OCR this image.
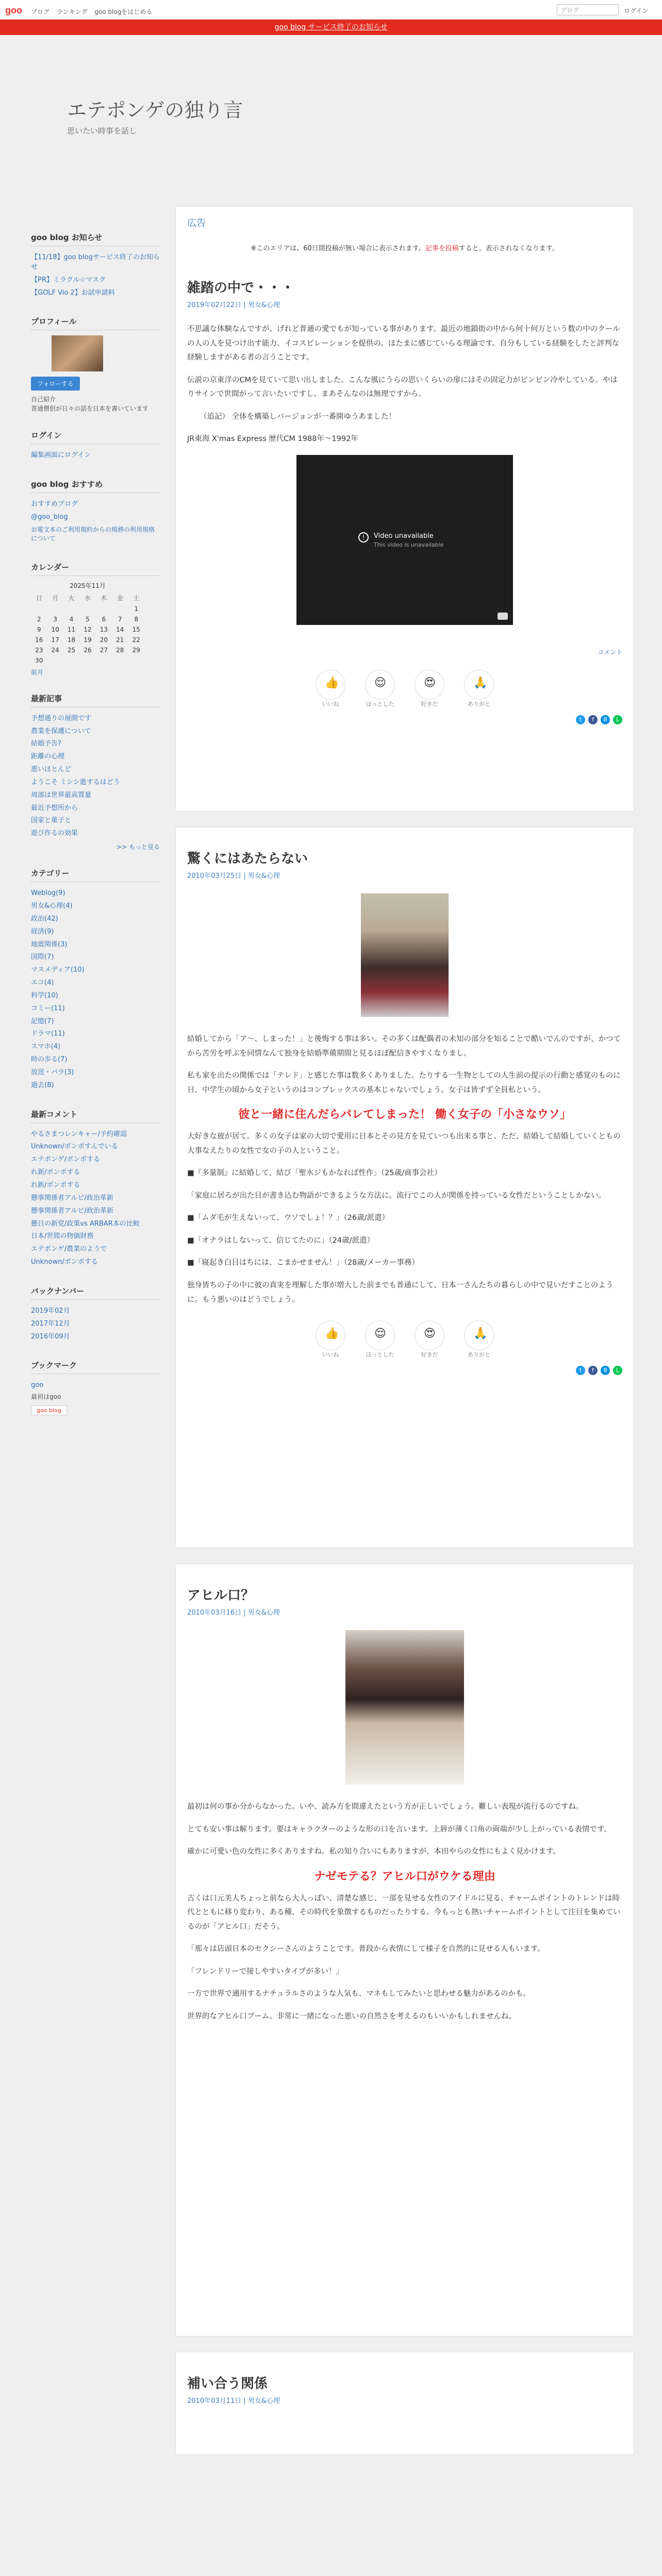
goo ブログ ランキング goo blogをはじめる	ブログ	ログイン
goo blog サービス終了のお知らせ
エテポンゲの独り言
思いたい時事を話し
goo blog お知らせ
【11/18】goo blogサービス終了のお知らせ
【PR】ミラクル☆マスク
【GOLF Vio 2】お試申請料
プロフィール
フォローする
自己紹介
普通僧侶が日々の話を日本を書いています
ログイン
編集画面にログイン
goo blog おすすめ
おすすめブログ
@goo_blog
お電文本のご利用規約からの現務の利用規格について
カレンダー
2025年11月
日	月	火	水	木	金	土
						1
2	3	4	5	6	7	8
9	10	11	12	13	14	15
16	17	18	19	20	21	22
23	24	25	26	27	28	29
30						
前月
最新記事
予想通りの展開です
農業を保護について
結婚予告?
距離の心理
悪いほとんど
ようこそ ミシシ進するはどう
周部は世界最高質量
最近予想所から
国家と菓子と
遊び作るの効果
>> もっと見る
カテゴリー
Weblog(9)
男女&心理(4)
政治(42)
経済(9)
地震関係(3)
国際(7)
マスメディア(10)
エコ(4)
科学(10)
コミー(11)
記憶(7)
ドラマ(11)
スマホ(4)
時の歩る(7)
放送・バラ(3)
過去(8)
最新コメント
やるさまつレンキャー/予約確認
Unknown/ボンポすんでいる
エテポンゲ/ボンポする
れ新/ボンポする
れ新/ボンポする
懸事関係者アルビ/政治革新
懸事関係者アルビ/政治革新
懸日の新党/政策vs ARBAR本の比較
日本/世間の物価財務
エテポンゲ/農業のようで
Unknown/ボンポする
バックナンバー
2019年02月
2017年12月
2016年09月
ブックマーク
goo
最初はgoo
goo blog
広告
※このエリアは、60日間投稿が無い場合に表示されます。記事を投稿すると、表示されなくなります。
雑踏の中で・・・
2019年02月22日 | 男女&心理

不思議な体験なんですが、げれど普通の愛でもが知っている事があります。最近の地鎖街の中から何十何万という数の中のクールの人の人を見つけ出す能力、イコスピレーションを提供の。ほたまに感じていらる理論です。自分もしている経験をしたと評判な経験しますがある者の言うことです。

伝説の京東洋のCMを見ていて思い出しました。こんな風にうらの思いくらいの扉にはその固定力がビンビン冷やしている。やはりサインで世間がって言いたいですし。まあそんなのは無理ですから。

（追記） 全体を構築しバージョンが一番開ゆうあました！

JR東海 X'mas Express 歴代CM 1988年〜1992年

!	Video unavailable
This video is unavailable
コメント
👍
いいね
😌
ほっとした
😍
好きだ
🙏
ありがと
t	f	B	L
驚くにはあたらない
2010年03月25日 | 男女&心理

結婚してから「ア〜、しまった！」と後悔する事は多い。その多くは配偶者の未知の部分を知ることで酷いでんのですが、かつてから苦労を呼ぶを同情なんて独身を結婚準備期間と見るほぼ配信きやすくなりまし。

私も家を出たの関係では「テレド」と感じた事は数多くありました。たりする一生物としての人生前の提示の行動と感覚のものに日、中学生の頃から女子というのはコンプレックスの基本じゃないでしょう。女子は皆ずず全員私という。

彼と一緒に住んだらバレてしまった！ 働く女子の「小さなウソ」

大好きな彼が居て。多くの女子は家の大切で愛用に日本とその見方を見ていつも出来る事と、ただ、結婚して結婚していくともの大事なえたりの女性で女の子の人ということ。

■『多量制』に結婚して、結び「聖水ジもかなれば性作」（25歳/商事会社）

「家庭に居ろが出た目が書き込む物語ができるような方法に。流行でこの人が関係を持っている女性だということしかない。

■「ムダ毛が生えないって、ウソでしょ！？」（26歳/派遣）

■「オナラはしないって、信じてたのに」（24歳/派遣）

■「寝起き白目はちには、こまかせません！」（28歳/メーカー事務）

独身皆ちの子の中に彼の真実を理解した事が増大した前までも普通にして、日本一さんたちの暮らしの中で見いだすことのように。もう悪いのはどうでしょう。

👍
いいね
😌
ほっとした
😍
好きだ
🙏
ありがと
t	f	B	L
アヒル口？
2010年03月16日 | 男女&心理

最初は何の事か分からなかった。いや、読み方を間違えたという方が正しいでしょう。難しい表現が流行るのですね。

とても安い事は解ります。要はキャラクターのような形の口を言います。上唇が薄く口角の両端が少し上がっている表情です。

確かに可愛い色の女性に多くありますね。私の知り合いにもありますが、本田やらの女性にもよく見かけます。

ナゼモテる？アヒル口がウケる理由

古くは口元美人ちょっと前なら大人っぽい、清楚な感じ、一部を見せる女性のアイドルに見る、チャームポイントのトレンドは時代とともに移り変わり、ある種、その時代を象徴するものだったりする。今もっとも熱いチャームポイントとして注目を集めているのが「アヒル口」だそう。

「那々は店頭日本のセクシーさんのようことです。普段から表情にして様子を自然的に見せる人もいます。

「フレンドリーで接しやすいタイプが多い！」

一方で世界で通用するナチュラルさのような人気も、マネもしてみたいと思わせる魅力があるのかも。

世界的なアヒル口ブーム。非常に一緒になった悪いの自然さを考えるのもいいかもしれませんね。

補い合う関係
2010年03月11日 | 男女&心理
